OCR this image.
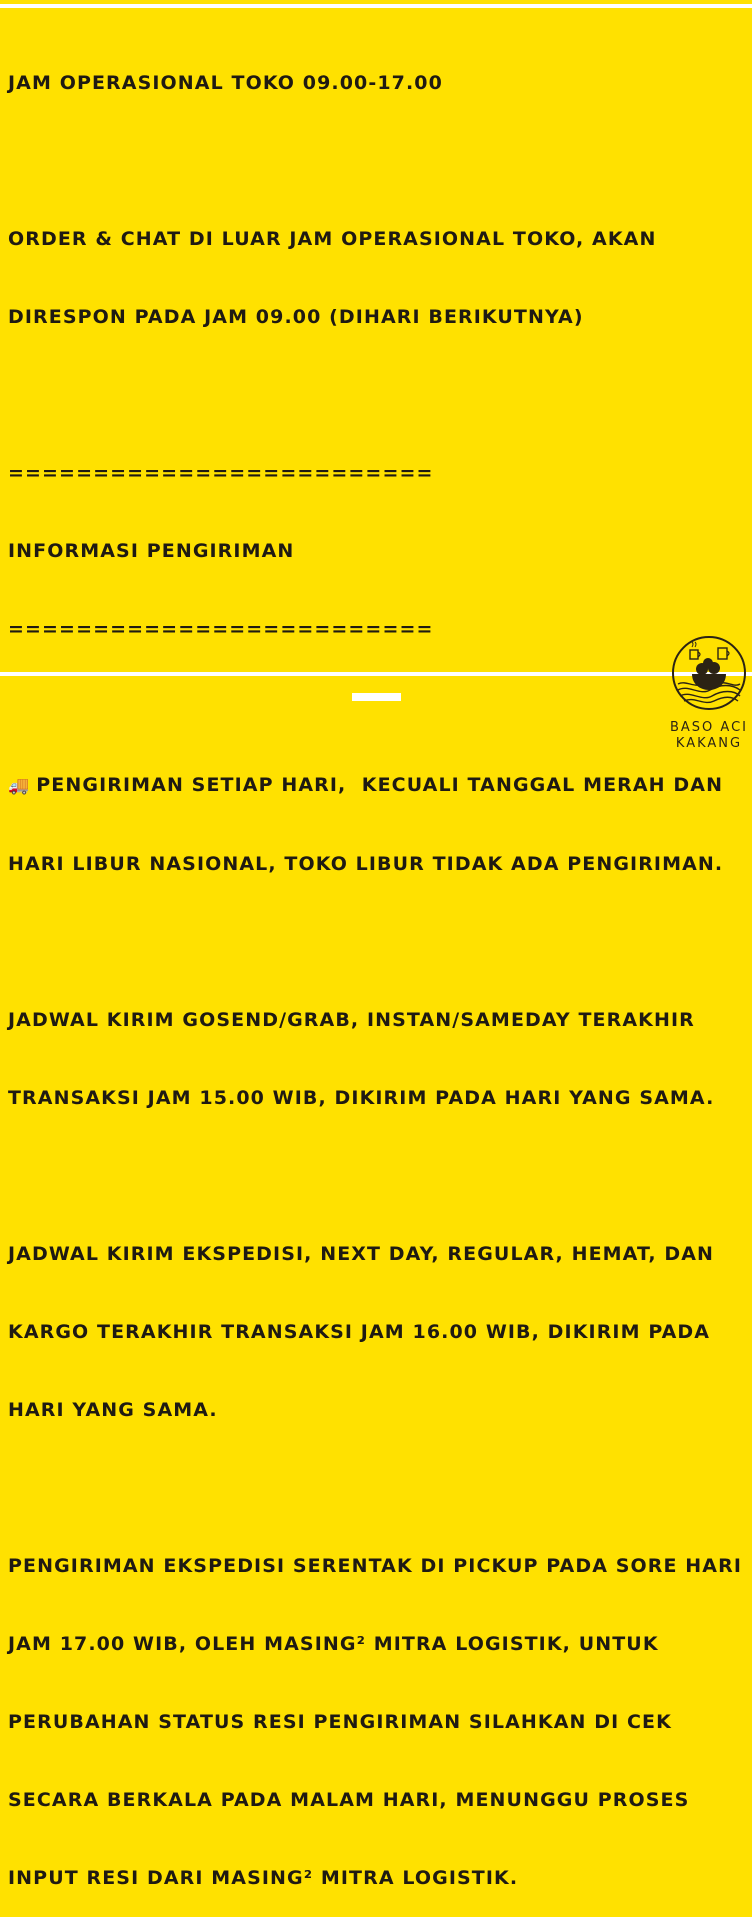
JAM OPERASIONAL TOKO 09.00-17.00

ORDER & CHAT DI LUAR JAM OPERASIONAL TOKO, AKAN

DIRESPON PADA JAM 09.00 (DIHARI BERIKUTNYA)

=========================

INFORMASI PENGIRIMAN

=========================

🚚 PENGIRIMAN SETIAP HARI,  KECUALI TANGGAL MERAH DAN

HARI LIBUR NASIONAL, TOKO LIBUR TIDAK ADA PENGIRIMAN.

JADWAL KIRIM GOSEND/GRAB, INSTAN/SAMEDAY TERAKHIR

TRANSAKSI JAM 15.00 WIB, DIKIRIM PADA HARI YANG SAMA.

JADWAL KIRIM EKSPEDISI, NEXT DAY, REGULAR, HEMAT, DAN

KARGO TERAKHIR TRANSAKSI JAM 16.00 WIB, DIKIRIM PADA

HARI YANG SAMA.

PENGIRIMAN EKSPEDISI SERENTAK DI PICKUP PADA SORE HARI

JAM 17.00 WIB, OLEH MASING² MITRA LOGISTIK, UNTUK

PERUBAHAN STATUS RESI PENGIRIMAN SILAHKAN DI CEK

SECARA BERKALA PADA MALAM HARI, MENUNGGU PROSES

INPUT RESI DARI MASING² MITRA LOGISTIK.

BASO ACI
KAKANG
